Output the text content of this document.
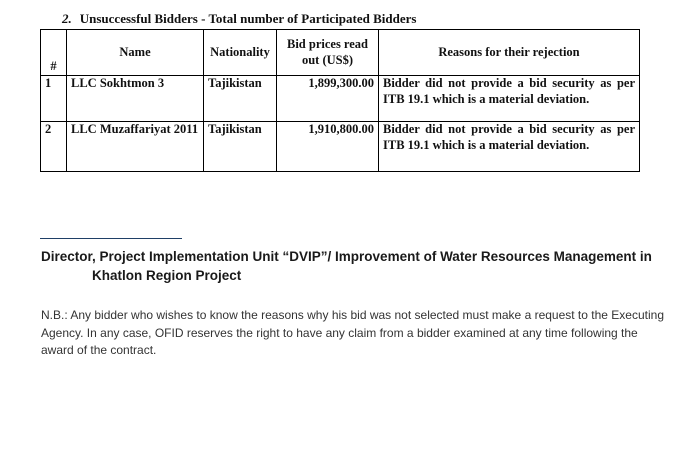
2. Unsuccessful Bidders - Total number of Participated Bidders
#	Name	Nationality	Bid prices read out (US$)	Reasons for their rejection
1	LLC Sokhtmon 3	Tajikistan	1,899,300.00	Bidder did not provide a bid security as per ITB 19.1 which is a material deviation.
2	LLC Muzaffariyat 2011	Tajikistan	1,910,800.00	Bidder did not provide a bid security as per ITB 19.1 which is a material deviation.
Director, Project Implementation Unit “DVIP”/ Improvement of Water Resources Management in
Khatlon Region Project
N.B.: Any bidder who wishes to know the reasons why his bid was not selected must make a request to the Executing Agency. In any case, OFID reserves the right to have any claim from a bidder examined at any time following the award of the contract.
